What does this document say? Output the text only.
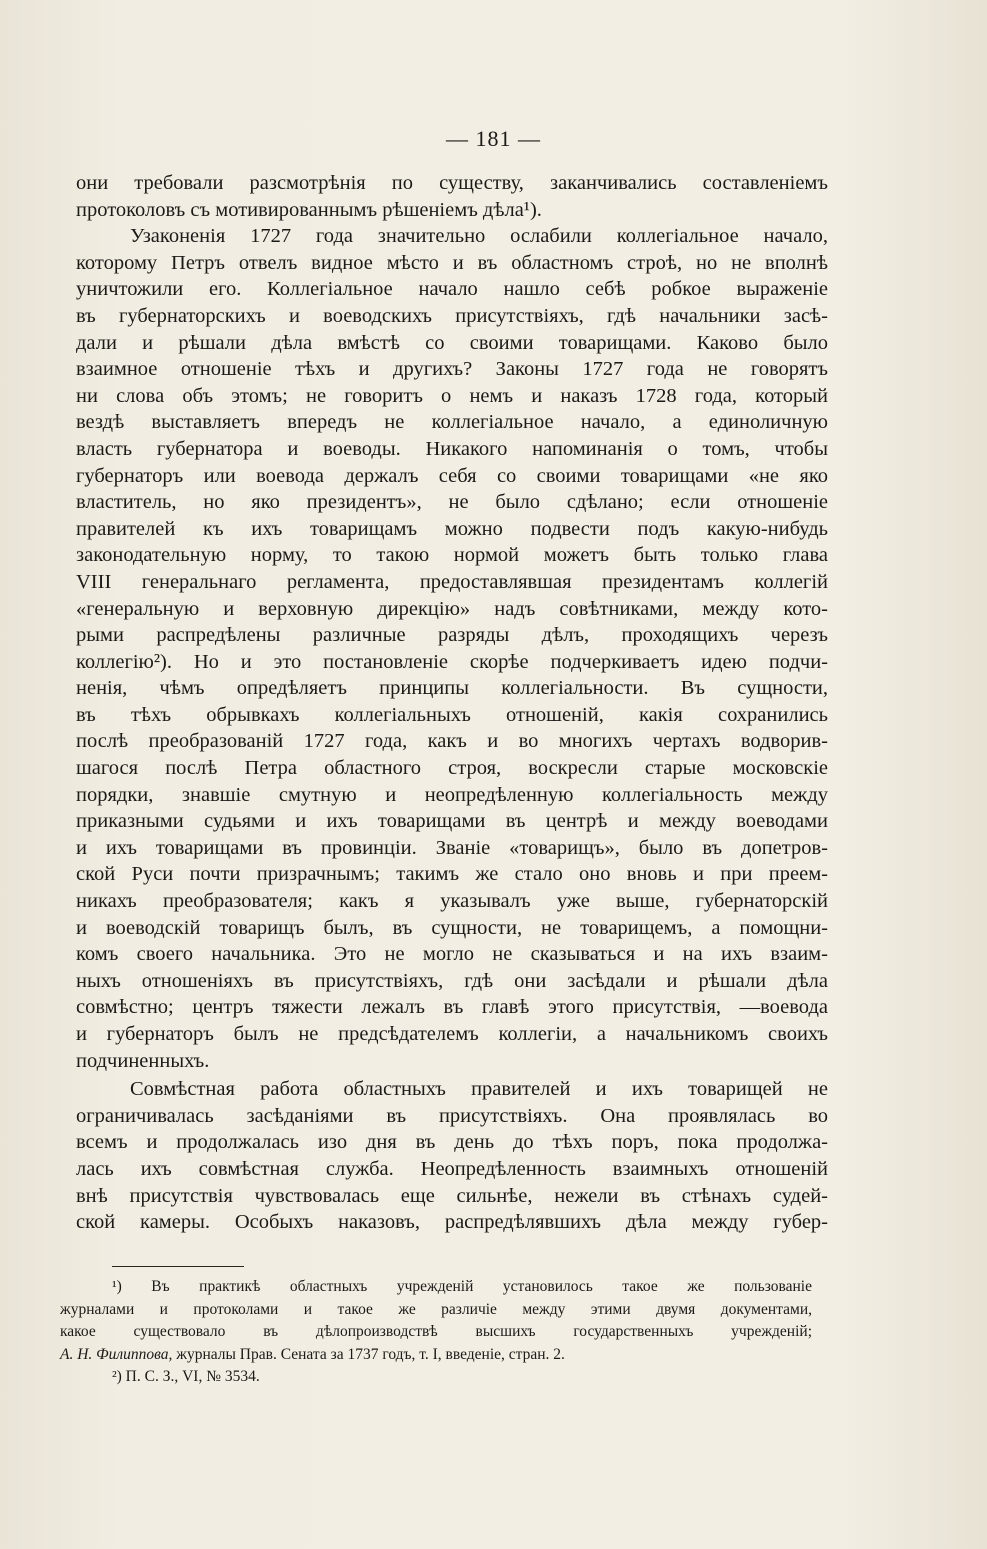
— 181 —

они требовали разсмотрѣнія по существу, заканчивались составленіемъ

протоколовъ съ мотивированнымъ рѣшеніемъ дѣла¹).

Узаконенія 1727 года значительно ослабили коллегіальное начало,

которому Петръ отвелъ видное мѣсто и въ областномъ строѣ, но не вполнѣ

уничтожили его. Коллегіальное начало нашло себѣ робкое выраженіе

въ губернаторскихъ и воеводскихъ присутствіяхъ, гдѣ начальники засѣ-

дали и рѣшали дѣла вмѣстѣ со своими товарищами. Каково было

взаимное отношеніе тѣхъ и другихъ? Законы 1727 года не говорятъ

ни слова объ этомъ; не говоритъ о немъ и наказъ 1728 года, который

вездѣ выставляетъ впередъ не коллегіальное начало, а единоличную

власть губернатора и воеводы. Никакого напоминанія о томъ, чтобы

губернаторъ или воевода держалъ себя со своими товарищами «не яко

властитель, но яко президентъ», не было сдѣлано; если отношеніе

правителей къ ихъ товарищамъ можно подвести подъ какую-нибудь

законодательную норму, то такою нормой можетъ быть только глава

VIII генеральнаго регламента, предоставлявшая президентамъ коллегій

«генеральную и верховную дирекцію» надъ совѣтниками, между кото-

рыми распредѣлены различные разряды дѣлъ, проходящихъ черезъ

коллегію²). Но и это постановленіе скорѣе подчеркиваетъ идею подчи-

ненія, чѣмъ опредѣляетъ принципы коллегіальности. Въ сущности,

въ тѣхъ обрывкахъ коллегіальныхъ отношеній, какія сохранились

послѣ преобразованій 1727 года, какъ и во многихъ чертахъ водворив-

шагося послѣ Петра областного строя, воскресли старые московскіе

порядки, знавшіе смутную и неопредѣленную коллегіальность между

приказными судьями и ихъ товарищами въ центрѣ и между воеводами

и ихъ товарищами въ провинціи. Званіе «товарищъ», было въ допетров-

ской Руси почти призрачнымъ; такимъ же стало оно вновь и при преем-

никахъ преобразователя; какъ я указывалъ уже выше, губернаторскій

и воеводскій товарищъ былъ, въ сущности, не товарищемъ, а помощни-

комъ своего начальника. Это не могло не сказываться и на ихъ взаим-

ныхъ отношеніяхъ въ присутствіяхъ, гдѣ они засѣдали и рѣшали дѣла

совмѣстно; центръ тяжести лежалъ въ главѣ этого присутствія, —воевода

и губернаторъ былъ не предсѣдателемъ коллегіи, а начальникомъ своихъ

подчиненныхъ.

Совмѣстная работа областныхъ правителей и ихъ товарищей не

ограничивалась засѣданіями въ присутствіяхъ. Она проявлялась во

всемъ и продолжалась изо дня въ день до тѣхъ поръ, пока продолжа-

лась ихъ совмѣстная служба. Неопредѣленность взаимныхъ отношеній

внѣ присутствія чувствовалась еще сильнѣе, нежели въ стѣнахъ судей-

ской камеры. Особыхъ наказовъ, распредѣлявшихъ дѣла между губер-

¹) Въ практикѣ областныхъ учрежденій установилось такое же пользованіе

журналами и протоколами и такое же различіе между этими двумя документами,

какое существовало въ дѣлопроизводствѣ высшихъ государственныхъ учрежденій;

А. Н. Филиппова, журналы Прав. Сената за 1737 годъ, т. I, введеніе, стран. 2.

²) П. С. З., VI, № 3534.
